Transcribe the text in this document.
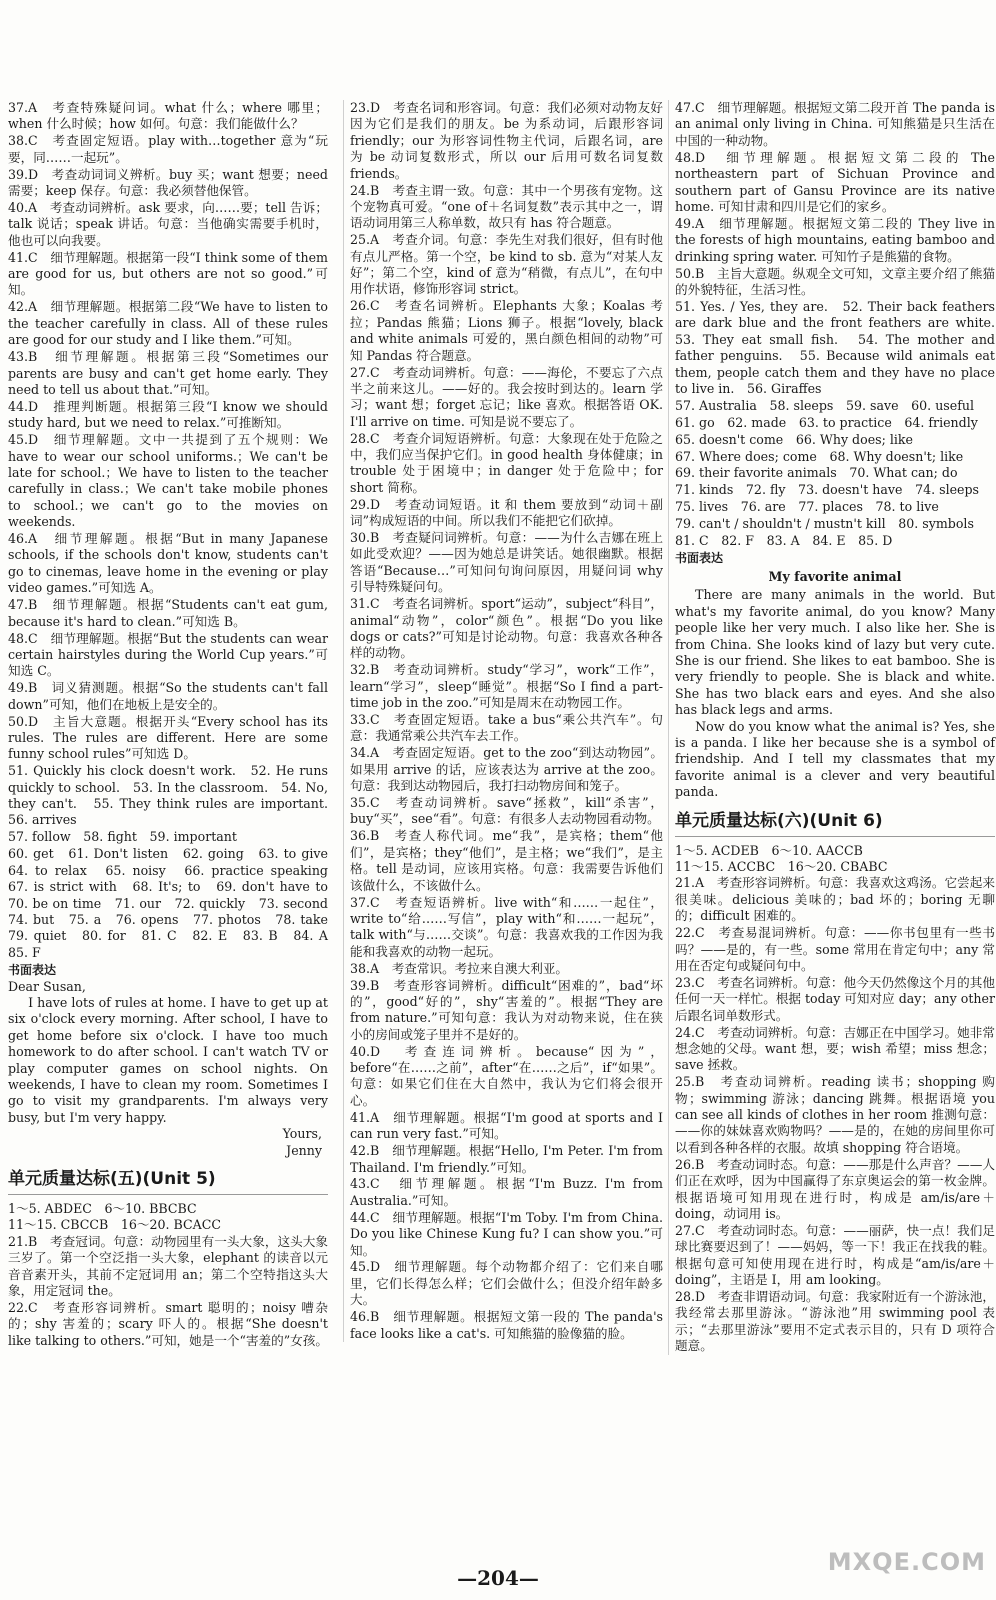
37.A　考查特殊疑问词。what 什么；where 哪里；when 什么时候；how 如何。句意：我们能做什么？

38.C　考查固定短语。play with…together 意为“玩要，同……一起玩”。

39.D　考查动词词义辨析。buy 买；want 想要；need 需要；keep 保存。句意：我必须替他保管。

40.A　考查动词辨析。ask 要求，向……要；tell 告诉；talk 说话；speak 讲话。句意：当他确实需要手机时，他也可以向我要。

41.C　细节理解题。根据第一段“I think some of them are good for us, but others are not so good.”可知。

42.A　细节理解题。根据第二段“We have to listen to the teacher carefully in class. All of these rules are good for our study and I like them.”可知。

43.B　细节理解题。根据第三段“Sometimes our parents are busy and can't get home early. They need to tell us about that.”可知。

44.D　推理判断题。根据第三段“I know we should study hard, but we need to relax.”可推断知。

45.D　细节理解题。文中一共提到了五个规则：We have to wear our school uniforms.；We can't be late for school.；We have to listen to the teacher carefully in class.；We can't take mobile phones to school.；we can't go to the movies on weekends.

46.A　细节理解题。根据“But in many Japanese schools, if the schools don't know, students can't go to cinemas, leave home in the evening or play video games.”可知选 A。

47.B　细节理解题。根据“Students can't eat gum, because it's hard to clean.”可知选 B。

48.C　细节理解题。根据“But the students can wear certain hairstyles during the World Cup years.”可知选 C。

49.B　词义猜测题。根据“So the students can't fall down”可知，他们在地板上是安全的。

50.D　主旨大意题。根据开头“Every school has its rules. The rules are different. Here are some funny school rules”可知选 D。

51. Quickly his clock doesn't work.　52. He runs quickly to school.　53. In the classroom.　54. No, they can't.　55. They think rules are important.　56. arrives

57. follow　58. fight　59. important

60. get　61. Don't listen　62. going　63. to give　64. to relax　65. noisy　66. practice speaking　67. is strict with　68. It's; to　69. don't have to　70. be on time　71. our　72. quickly　73. second　74. but　75. a　76. opens　77. photos　78. take　79. quiet　80. for　81. C　82. E　83. B　84. A　85. F

书面表达

Dear Susan,

I have lots of rules at home. I have to get up at six o'clock every morning. After school, I have to get home before six o'clock. I have too much homework to do after school. I can't watch TV or play computer games on school nights. On weekends, I have to clean my room. Sometimes I go to visit my grandparents. I'm always very busy, but I'm very happy.

Yours,

Jenny

单元质量达标(五)(Unit 5)

1～5. ABDEC　6～10. BBCBC

11～15. CBCCB　16～20. BCACC

21.B　考查冠词。句意：动物园里有一头大象，这头大象三岁了。第一个空泛指一头大象，elephant 的读音以元音音素开头，其前不定冠词用 an；第二个空特指这头大象，用定冠词 the。

22.C　考查形容词辨析。smart 聪明的；noisy 嘈杂的；shy 害羞的；scary 吓人的。根据“She doesn't like talking to others.”可知，她是一个“害羞的”女孩。

23.D　考查名词和形容词。句意：我们必须对动物友好因为它们是我们的朋友。be 为系动词，后跟形容词 friendly；our 为形容词性物主代词，后跟名词，are 为 be 动词复数形式，所以 our 后用可数名词复数 friends。

24.B　考查主谓一致。句意：其中一个男孩有宠物。这个宠物真可爱。“one of＋名词复数”表示其中之一，谓语动词用第三人称单数，故只有 has 符合题意。

25.A　考查介词。句意：李先生对我们很好，但有时他有点儿严格。第一个空，be kind to sb. 意为“对某人友好”；第二个空，kind of 意为“稍微，有点儿”，在句中用作状语，修饰形容词 strict。

26.C　考查名词辨析。Elephants 大象；Koalas 考拉；Pandas 熊猫；Lions 狮子。根据“lovely, black and white animals 可爱的，黑白颜色相间的动物”可知 Pandas 符合题意。

27.C　考查动词辨析。句意：——海伦，不要忘了六点半之前来这儿。——好的。我会按时到达的。learn 学习；want 想；forget 忘记；like 喜欢。根据答语 OK. I'll arrive on time. 可知是说不要忘了。

28.C　考查介词短语辨析。句意：大象现在处于危险之中，我们应当保护它们。in good health 身体健康；in trouble 处于困境中；in danger 处于危险中；for short 简称。

29.D　考查动词短语。it 和 them 要放到“动词＋副词”构成短语的中间。所以我们不能把它们砍掉。

30.B　考查疑问词辨析。句意：——为什么吉娜在班上如此受欢迎？——因为她总是讲笑话。她很幽默。根据答语“Because…”可知问句询问原因，用疑问词 why 引导特殊疑问句。

31.C　考查名词辨析。sport“运动”，subject“科目”，animal“动物”，color“颜色”。根据“Do you like dogs or cats?”可知是讨论动物。句意：我喜欢各种各样的动物。

32.B　考查动词辨析。study“学习”，work“工作”，learn“学习”，sleep“睡觉”。根据“So I find a part-time job in the zoo.”可知是周末在动物园工作。

33.C　考查固定短语。take a bus“乘公共汽车”。句意：我通常乘公共汽车去工作。

34.A　考查固定短语。get to the zoo“到达动物园”。如果用 arrive 的话，应该表达为 arrive at the zoo。句意：我到达动物园后，我打扫动物房间和笼子。

35.C　考查动词辨析。save“拯救”，kill“杀害”，buy“买”，see“看”。句意：有很多人去动物园看动物。

36.B　考查人称代词。me“我”，是宾格；them“他们”，是宾格；they“他们”，是主格；we“我们”，是主格。tell 是动词，应该用宾格。句意：我需要告诉他们该做什么，不该做什么。

37.C　考查短语辨析。live with“和……一起住”，write to“给……写信”，play with“和……一起玩”，talk with“与……交谈”。句意：我喜欢我的工作因为我能和我喜欢的动物一起玩。

38.A　考查常识。考拉来自澳大利亚。

39.B　考查形容词辨析。difficult“困难的”，bad“坏的”，good“好的”，shy“害羞的”。根据“They are from nature.”可知句意：我认为对动物来说，住在狭小的房间或笼子里并不是好的。

40.D　考查连词辨析。because“因为”，before“在……之前”，after“在……之后”，if“如果”。句意：如果它们住在大自然中，我认为它们将会很开心。

41.A　细节理解题。根据“I'm good at sports and I can run very fast.”可知。

42.B　细节理解题。根据“Hello, I'm Peter. I'm from Thailand. I'm friendly.”可知。

43.C　细节理解题。根据“I'm Buzz. I'm from Australia.”可知。

44.C　细节理解题。根据“I'm Toby. I'm from China. Do you like Chinese Kung fu? I can show you.”可知。

45.D　细节理解题。每个动物都介绍了：它们来自哪里，它们长得怎么样；它们会做什么；但没介绍年龄多大。

46.B　细节理解题。根据短文第一段的 The panda's face looks like a cat's. 可知熊猫的脸像猫的脸。

47.C　细节理解题。根据短文第二段开首 The panda is an animal only living in China. 可知熊猫是只生活在中国的一种动物。

48.D　细节理解题。根据短文第二段的 The northeastern part of Sichuan Province and southern part of Gansu Province are its native home. 可知甘肃和四川是它们的家乡。

49.A　细节理解题。根据短文第二段的 They live in the forests of high mountains, eating bamboo and drinking spring water. 可知竹子是熊猫的食物。

50.B　主旨大意题。纵观全文可知，文章主要介绍了熊猫的外貌特征，生活习性。

51. Yes. / Yes, they are.　52. Their back feathers are dark blue and the front feathers are white.　53. They eat small fish.　54. The mother and father penguins.　55. Because wild animals eat them, people catch them and they have no place to live in.　56. Giraffes

57. Australia　58. sleeps　59. save　60. useful

61. go　62. made　63. to practice　64. friendly

65. doesn't come　66. Why does; like

67. Where does; come　68. Why doesn't; like

69. their favorite animals　70. What can; do

71. kinds　72. fly　73. doesn't have　74. sleeps

75. lives　76. are　77. places　78. to live

79. can't / shouldn't / mustn't kill　80. symbols

81. C　82. F　83. A　84. E　85. D

书面表达
My favorite animal

There are many animals in the world. But what's my favorite animal, do you know? Many people like her very much. I also like her. She is from China. She looks kind of lazy but very cute. She is our friend. She likes to eat bamboo. She is very friendly to people. She is black and white. She has two black ears and eyes. And she also has black legs and arms.

Now do you know what the animal is? Yes, she is a panda. I like her because she is a symbol of friendship. And I tell my classmates that my favorite animal is a clever and very beautiful panda.

单元质量达标(六)(Unit 6)

1～5. ACDEB　6～10. AACCB

11～15. ACCBC　16～20. CBABC

21.A　考查形容词辨析。句意：我喜欢这鸡汤。它尝起来很美味。delicious 美味的；bad 坏的；boring 无聊的；difficult 困难的。

22.C　考查易混词辨析。句意：——你书包里有一些书吗？——是的，有一些。some 常用在肯定句中；any 常用在否定句或疑问句中。

23.C　考查名词辨析。句意：他今天仍然像这个月的其他任何一天一样忙。根据 today 可知对应 day；any other 后跟名词单数形式。

24.C　考查动词辨析。句意：吉娜正在中国学习。她非常想念她的父母。want 想，要；wish 希望；miss 想念；save 拯救。

25.B　考查动词辨析。reading 读书；shopping 购物；swimming 游泳；dancing 跳舞。根据语境 you can see all kinds of clothes in her room 推测句意：——你的妹妹喜欢购物吗？——是的，在她的房间里你可以看到各种各样的衣服。故填 shopping 符合语境。

26.B　考查动词时态。句意：——那是什么声音？——人们正在欢呼，因为中国赢得了东京奥运会的第一枚金牌。根据语境可知用现在进行时，构成是 am/is/are＋doing，动词用 is。

27.C　考查动词时态。句意：——丽萨，快一点！我们足球比赛要迟到了！——妈妈，等一下！我正在找我的鞋。根据句意可知使用现在进行时，构成是“am/is/are＋doing”，主语是 I，用 am looking。

28.D　考查非谓语动词。句意：我家附近有一个游泳池，我经常去那里游泳。“游泳池”用 swimming pool 表示；“去那里游泳”要用不定式表示目的，只有 D 项符合题意。

—204—
MXQE.COM
